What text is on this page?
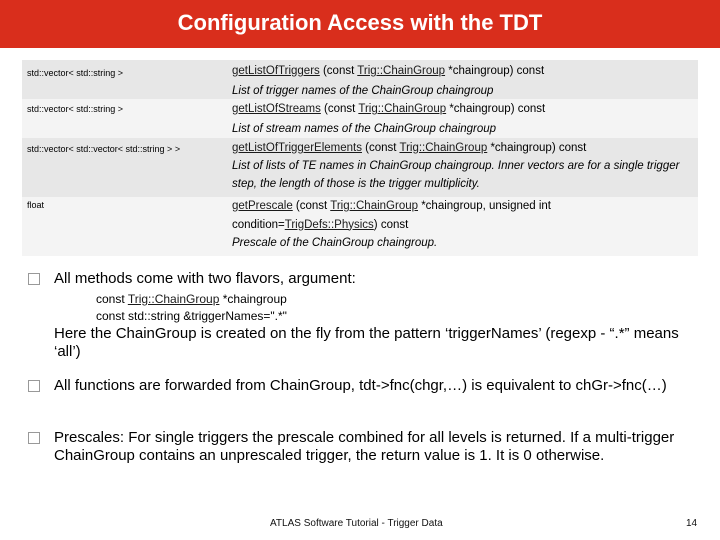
Configuration Access with the TDT
std::vector< std::string >	getListOfTriggers (const Trig::ChainGroup *chaingroup) const
List of trigger names of the ChainGroup chaingroup
std::vector< std::string >	getListOfStreams (const Trig::ChainGroup *chaingroup) const
List of stream names of the ChainGroup chaingroup
std::vector< std::vector< std::string > >	getListOfTriggerElements (const Trig::ChainGroup *chaingroup) const
List of lists of TE names in ChainGroup chaingroup. Inner vectors are for a single trigger step, the length of those is the trigger multiplicity.
float	getPrescale (const Trig::ChainGroup *chaingroup, unsigned int
condition=TrigDefs::Physics) const
Prescale of the ChainGroup chaingroup.
All methods come with two flavors, argument:
const Trig::ChainGroup *chaingroup
const std::string &triggerNames=".*"
Here the ChainGroup is created on the fly from the pattern ‘triggerNames’ (regexp - “.*” means ‘all’)
All functions are forwarded from ChainGroup, tdt->fnc(chgr,…) is equivalent to chGr->fnc(…)
Prescales: For single triggers the prescale combined for all levels is returned. If a multi-trigger ChainGroup contains an unprescaled trigger, the return value is 1. It is 0 otherwise.
ATLAS Software Tutorial - Trigger Data	14
